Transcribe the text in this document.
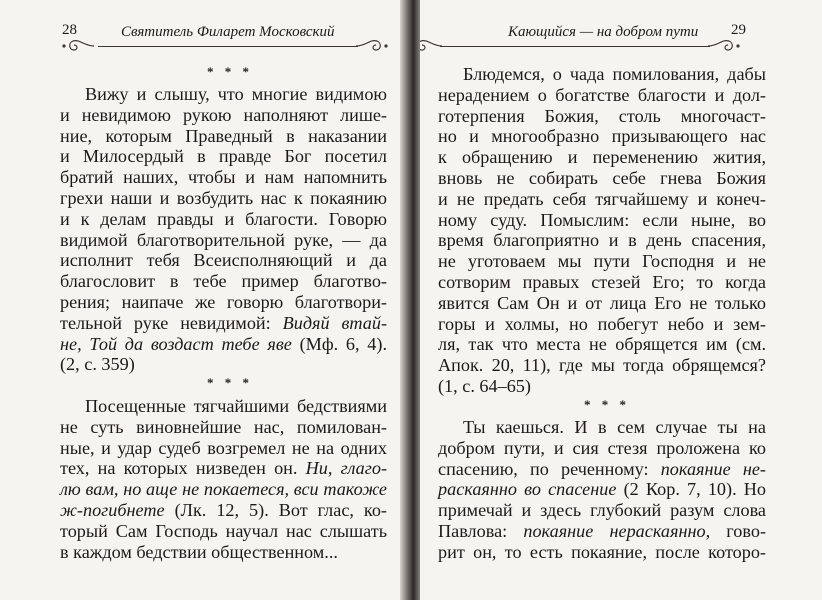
28	Святитель Филарет Московский
* * *
Вижу и слышу, что многие видимою
и невидимою рукою наполняют лише-
ние, которым Праведный в наказании
и Милосердый в правде Бог посетил
братий наших, чтобы и нам напомнить
грехи наши и возбудить нас к покаянию
и к делам правды и благости. Говорю
видимой благотворительной руке, — да
исполнит тебя Всеисполняющий и да
благословит в тебе пример благотво-
рения; наипаче же говорю благотвори-
тельной руке невидимой: Видяй втай-
не, Той да воздаст тебе яве (Мф. 6, 4).
(2, с. 359)
* * *
Посещенные тягчайшими бедствиями
не суть виновнейшие нас, помилован-
ные, и удар судеб возгремел не на одних
тех, на которых низведен он. Ни, глаго-
лю вам, но аще не покаетеся, вси такоже
ж-погибнете (Лк. 12, 5). Вот глас, ко-
торый Сам Господь научал нас слышать
в каждом бедствии общественном...
Кающийся — на добром пути 29
Блюдемся, о чада помилования, дабы
нерадением о богатстве благости и дол-
готерпения Божия, столь многочаст-
но и многообразно призывающего нас
к обращению и переменению жития,
вновь не собирать себе гнева Божия
и не предать себя тягчайшему и конеч-
ному суду. Помыслим: если ныне, во
время благоприятно и в день спасения,
не уготоваем мы пути Господня и не
сотворим правых стезей Его; то когда
явится Сам Он и от лица Его не только
горы и холмы, но побегут небо и зем-
ля, так что места не обрящется им (см.
Апок. 20, 11), где мы тогда обрящемся?
(1, с. 64–65)
* * *
Ты каешься. И в сем случае ты на
добром пути, и сия стезя проложена ко
спасению, по реченному: покаяние не-
раскаянно во спасение (2 Кор. 7, 10). Но
примечай и здесь глубокий разум слова
Павлова: покаяние нераскаянно, гово-
рит он, то есть покаяние, после которо-
